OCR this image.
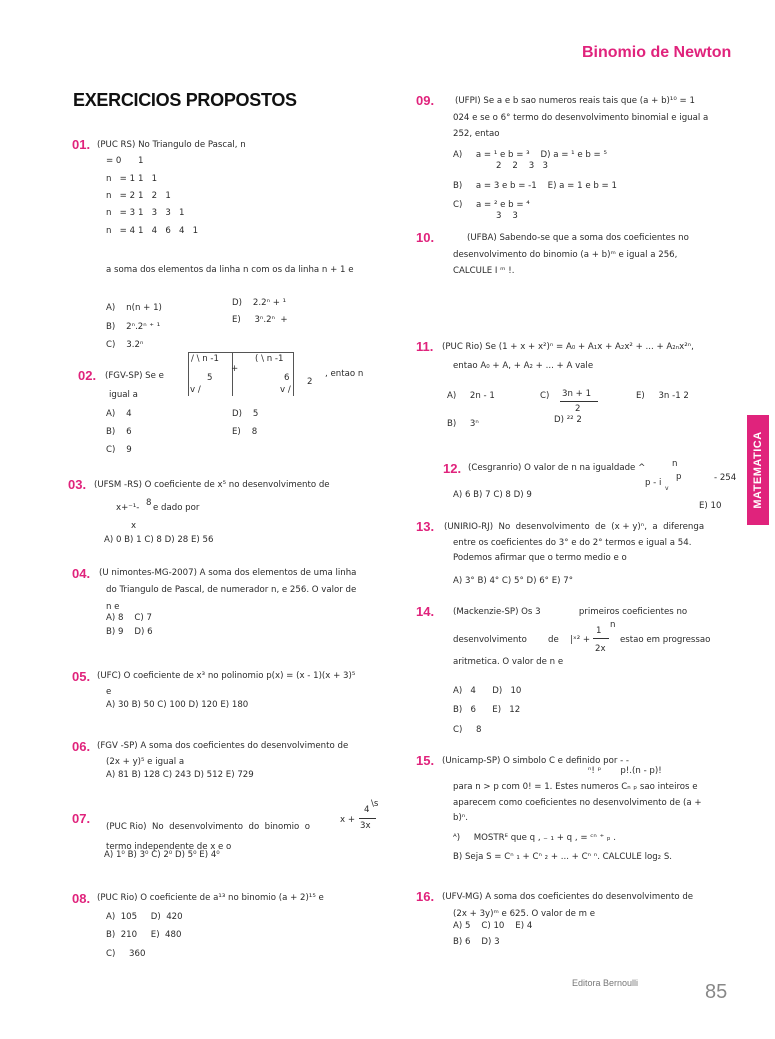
Binomio de Newton
MATEMATICA
EXERCICIOS PROPOSTOS
01. (PUC RS) No Triangulo de Pascal, n
= 0 1
n   = 1 1   1
n   = 2 1   2   1
n   = 3 1   3   3   1
n   = 4 1   4   6   4   1
a soma dos elementos da linha n com os da linha n + 1 e
A)    n(n + 1)
B)    2ⁿ.2ⁿ ⁺ ¹
C)    3.2ⁿ
D)    2.2ⁿ + ¹
E)     3ⁿ.2ⁿ  +
02. (FGV-SP) Se e
/ \ n -1
5
v /
+
( \ n -1
6
v /
2
, entao n
igual a
A)    4
B)    6
C)    9
D)    5
E)    8
03. (UFSM -RS) O coeficiente de x⁵ no desenvolvimento de
x+⁻¹- 8 e dado por
x
A) 0 B) 1 C) 8 D) 28 E) 56
04. (U nimontes-MG-2007) A soma dos elementos de uma linha
do Triangulo de Pascal, de numerador n, e 256. O valor de
n e
A) 8    C) 7
B) 9    D) 6
05. (UFC) O coeficiente de x³ no polinomio p(x) = (x - 1)(x + 3)⁵
e
A) 30 B) 50 C) 100 D) 120 E) 180
06. (FGV -SP) A soma dos coeficientes do desenvolvimento de
(2x + y)⁵ e igual a
A) 81 B) 128 C) 243 D) 512 E) 729
07.
(PUC Rio)  No  desenvolvimento  do  binomio  o
\s
4
x +
3x
termo independente de x e o
A) 1⁰ B) 3⁰ C) 2⁰ D) 5⁰ E) 4⁰
08. (PUC Rio) O coeficiente de a¹³ no binomio (a + 2)¹⁵ e
A)  105     D)  420
B)  210     E)  480
C)     360
09. (UFPI) Se a e b sao numeros reais tais que (a + b)¹⁰ = 1
024 e se o 6° termo do desenvolvimento binomial e igual a
252, entao
A)     a = ¹ e b = ³    D) a = ¹ e b = ⁵
2    2    3   3
B)     a = 3 e b = -1    E) a = 1 e b = 1
C)     a = ² e b = ⁴
3    3
10.	(UFBA) Sabendo-se que a soma dos coeficientes no
desenvolvimento do binomio (a + b)ᵐ e igual a 256,
CALCULE I ᵐ !.
11. (PUC Rio) Se (1 + x + x²)ⁿ = A₀ + A₁x + A₂x² + ... + A₂ₙx²ⁿ,
entao A₀ + A, + A₂ + ... + A vale
A)     2n - 1	C) 3n + 1
2
E)     3n -1 2
B)     3ⁿ	D) ²² 2
12. (Cesgranrio) O valor de n na igualdade ^	n
p
p - i
v
- 254
A) 6 B) 7 C) 8 D) 9
E) 10
13. (UNIRIO-RJ)  No  desenvolvimento  de  (x + y)ⁿ,  a  diferenga
entre os coeficientes do 3° e do 2° termos e igual a 54.
Podemos afirmar que o termo medio e o
A) 3° B) 4° C) 5° D) 6° E) 7°
14. (Mackenzie-SP) Os 3              primeiros coeficientes no
n
desenvolvimento de |ˣ² +
1
2x
estao em progressao
aritmetica. O valor de n e
A)   4      D)   10
B)   6      E)   12
C)     8
15. (Unicamp-SP) O simbolo C e definido por - -
ⁿ! ᵖ       p!.(n - p)!
para n > p com 0! = 1. Estes numeros Cₙ ₚ sao inteiros e
aparecem como coeficientes no desenvolvimento de (a +
b)ⁿ.
ᴬ)     MOSTRᴱ que q , ₋ ₁ + q , = ᶜⁿ ⁺ ₚ .
B) Seja S = Cⁿ ₁ + Cⁿ ₂ + ... + Cⁿ ⁿ. CALCULE log₂ S.
16. (UFV-MG) A soma dos coeficientes do desenvolvimento de
(2x + 3y)ᵐ e 625. O valor de m e
A) 5    C) 10    E) 4
B) 6    D) 3
Editora Bernoulli	85
